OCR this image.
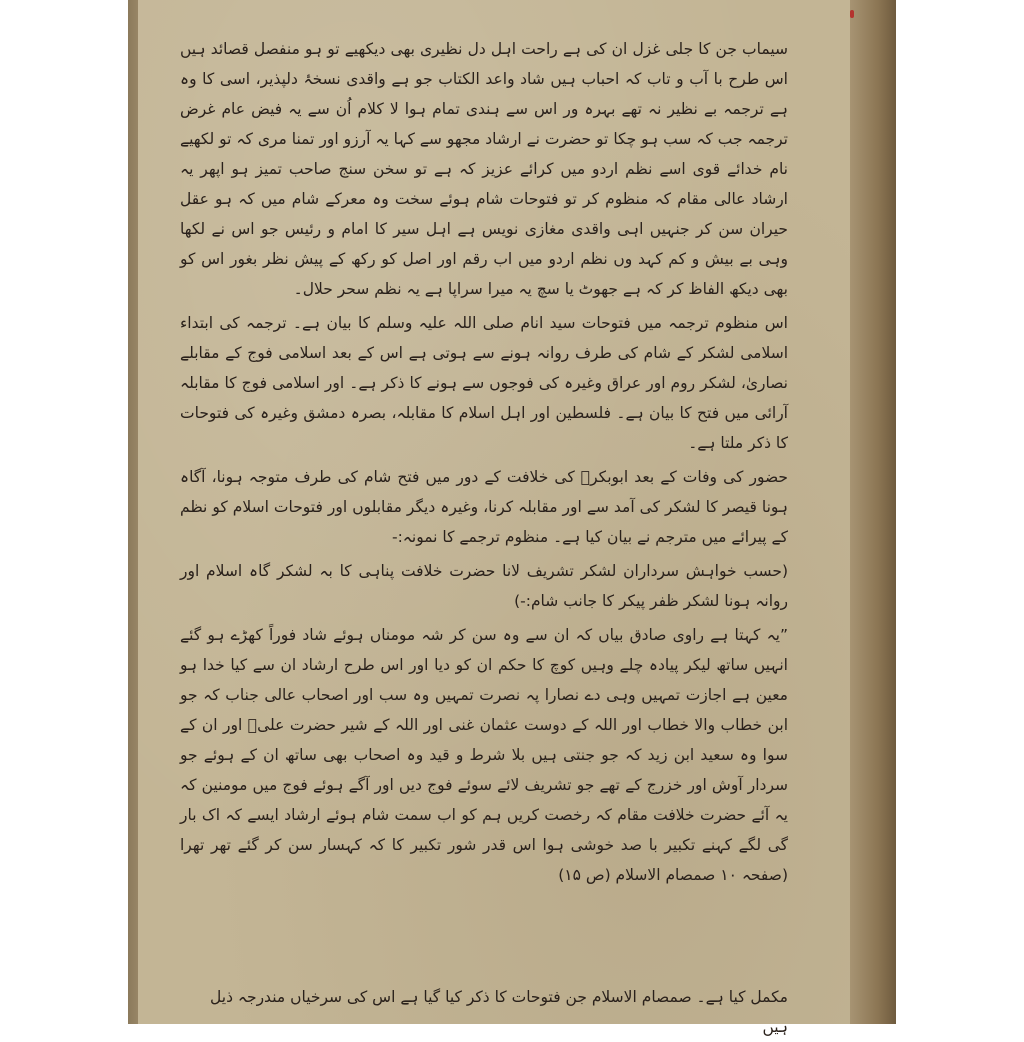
سیماب جن کا جلی غزل ان کی ہے راحت اہل دل نظیری بھی دیکھیے تو ہو منفصل قصائد ہیں اس طرح با آب و تاب کہ احباب ہیں شاد واعد الکتاب جو ہے واقدی نسخۂ دلپذیر، اسی کا وہ ہے ترجمہ بے نظیر نہ تھے بہرہ ور اس سے ہندی تمام ہوا لا کلام اُن سے یہ فیض عام غرض ترجمہ جب کہ سب ہو چکا تو حضرت نے ارشاد مجھو سے کہا یہ آرزو اور تمنا مری کہ تو لکھیے نام خدائے قوی اسے نظم اردو میں کرائے عزیز کہ ہے تو سخن سنج صاحب تمیز ہو اپھر یہ ارشاد عالی مقام کہ منظوم کر تو فتوحات شام ہوئے سخت وہ معرکے شام میں کہ ہو عقل حیران سن کر جنہیں اہی واقدی مغازی نویس ہے اہل سیر کا امام و رئیس جو اس نے لکھا وہی بے بیش و کم کہد وں نظم اردو میں اب رقم اور اصل کو رکھ کے پیش نظر بغور اس کو بھی دیکھ الفاظ کر کہ ہے جھوٹ یا سچ یہ میرا سراپا ہے یہ نظم سحر حلال۔

اس منظوم ترجمہ میں فتوحات سید انام صلی اللہ علیہ وسلم کا بیان ہے۔ ترجمہ کی ابتداء اسلامی لشکر کے شام کی طرف روانہ ہونے سے ہوتی ہے اس کے بعد اسلامی فوج کے مقابلے نصاریٰ، لشکر روم اور عراق وغیرہ کی فوجوں سے ہونے کا ذکر ہے۔ اور اسلامی فوج کا مقابلہ آرائی میں فتح کا بیان ہے۔ فلسطین اور اہل اسلام کا مقابلہ، بصرہ دمشق وغیرہ کی فتوحات کا ذکر ملتا ہے۔

حضور کی وفات کے بعد ابوبکرؓ کی خلافت کے دور میں فتح شام کی طرف متوجہ ہونا، آگاہ ہونا قیصر کا لشکر کی آمد سے اور مقابلہ کرنا، وغیرہ دیگر مقابلوں اور فتوحات اسلام کو نظم کے پیرائے میں مترجم نے بیان کیا ہے۔ منظوم ترجمے کا نمونہ:-

(حسب خواہش سرداران لشکر تشریف لانا حضرت خلافت پناہی کا بہ لشکر گاہ اسلام اور روانہ ہونا لشکر ظفر پیکر کا جانب شام:-)

”یہ کہتا ہے راوی صادق بیاں کہ ان سے وہ سن کر شہ مومناں ہوئے شاد فوراً کھڑے ہو گئے انہیں ساتھ لیکر پیادہ چلے وہیں کوچ کا حکم ان کو دیا اور اس طرح ارشاد ان سے کیا خدا ہو معین ہے اجازت تمہیں وہی دے نصارا پہ نصرت تمہیں وہ سب اور اصحاب عالی جناب کہ جو ابن خطاب والا خطاب اور اللہ کے دوست عثمان غنی اور اللہ کے شیر حضرت علیؓ اور ان کے سوا وہ سعید ابن زید کہ جو جنتی ہیں بلا شرط و قید وہ اصحاب بھی ساتھ ان کے ہوئے جو سردار آوش اور خزرج کے تھے جو تشریف لائے سوئے فوج دیں اور آگے ہوئے فوج میں مومنین کہ یہ آئے حضرت خلافت مقام کہ رخصت کریں ہم کو اب سمت شام ہوئے ارشاد ایسے کہ اک بار گی لگے کہنے تکبیر با صد خوشی ہوا اس قدر شور تکبیر کا کہ کہسار سن کر گئے تھر تھرا (صفحہ ۱۰ صمصام الاسلام (ص ۱۵)

مکمل کیا ہے۔ صمصام الاسلام جن فتوحات کا ذکر کیا گیا ہے اس کی سرخیاں مندرجہ ذیل ہیں
